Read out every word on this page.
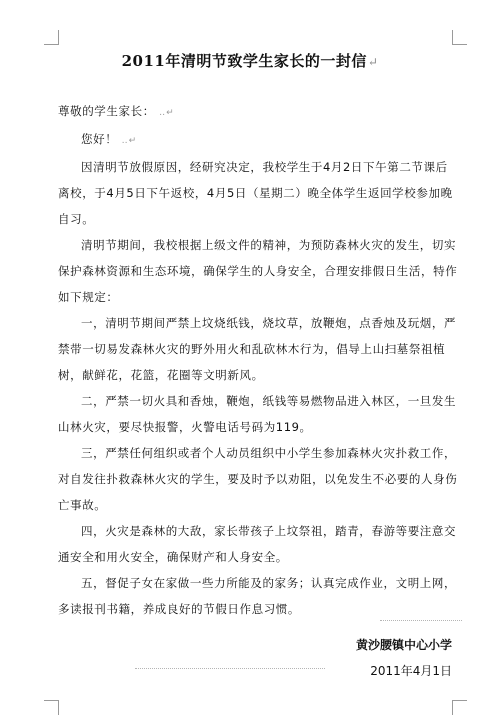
2011年清明节致学生家长的一封信↵

尊敬的学生家长： ‥↵

您好！ ‥↵

因清明节放假原因，经研究决定，我校学生于4月2日下午第二节课后离校，于4月5日下午返校，4月5日（星期二）晚全体学生返回学校参加晚自习。

清明节期间，我校根据上级文件的精神，为预防森林火灾的发生，切实保护森林资源和生态环境，确保学生的人身安全，合理安排假日生活，特作如下规定：

一，清明节期间严禁上坟烧纸钱，烧坟草，放鞭炮，点香烛及玩烟，严禁带一切易发森林火灾的野外用火和乱砍林木行为，倡导上山扫墓祭祖植树，献鲜花，花篮，花圈等文明新风。

二，严禁一切火具和香烛，鞭炮，纸钱等易燃物品进入林区，一旦发生山林火灾，要尽快报警，火警电话号码为119。

三，严禁任何组织或者个人动员组织中小学生参加森林火灾扑救工作，对自发往扑救森林火灾的学生，要及时予以劝阻，以免发生不必要的人身伤亡事故。

四，火灾是森林的大敌，家长带孩子上坟祭祖，踏青，春游等要注意交通安全和用火安全，确保财产和人身安全。

五，督促子女在家做一些力所能及的家务；认真完成作业，文明上网，多读报刊书籍，养成良好的节假日作息习惯。

黄沙腰镇中心小学
2011年4月1日
